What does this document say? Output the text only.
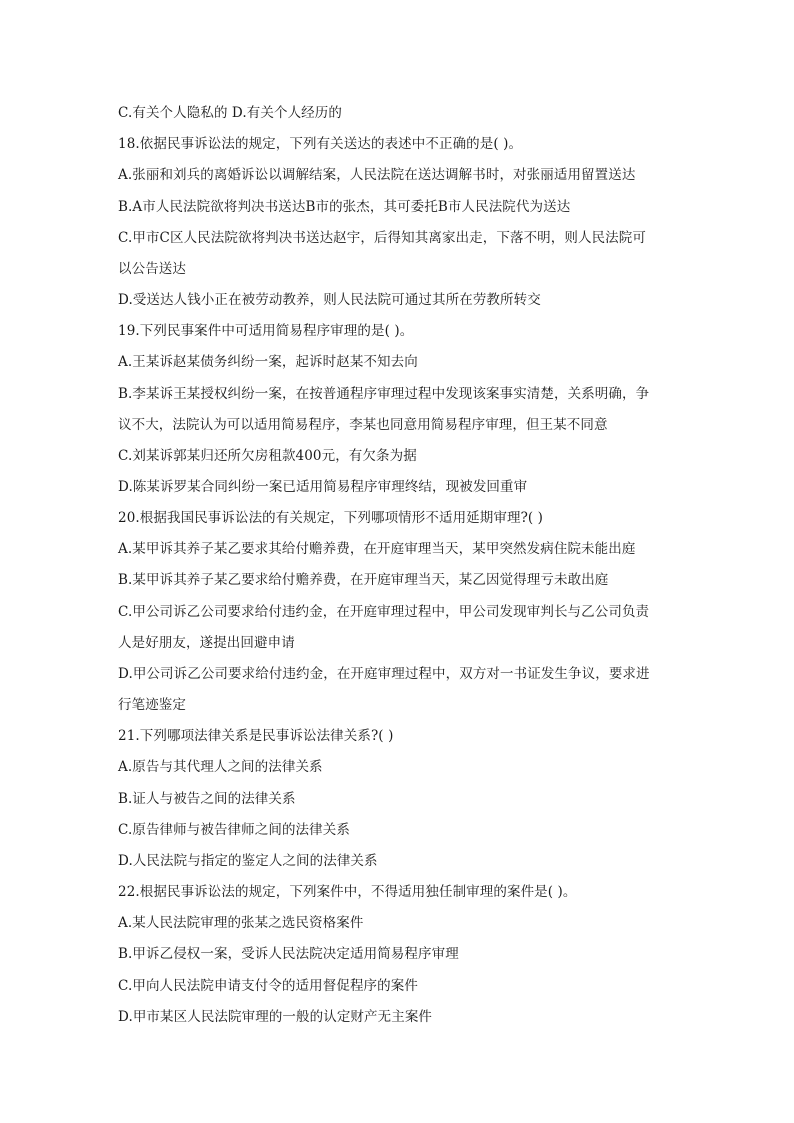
C.有关个人隐私的 D.有关个人经历的
18.依据民事诉讼法的规定，下列有关送达的表述中不正确的是( )。
A.张丽和刘兵的离婚诉讼以调解结案，人民法院在送达调解书时，对张丽适用留置送达
B.A市人民法院欲将判决书送达B市的张杰，其可委托B市人民法院代为送达
C.甲市C区人民法院欲将判决书送达赵宇，后得知其离家出走，下落不明，则人民法院可
以公告送达
D.受送达人钱小正在被劳动教养，则人民法院可通过其所在劳教所转交
19.下列民事案件中可适用简易程序审理的是( )。
A.王某诉赵某债务纠纷一案，起诉时赵某不知去向
B.李某诉王某授权纠纷一案，在按普通程序审理过程中发现该案事实清楚，关系明确，争
议不大，法院认为可以适用简易程序，李某也同意用简易程序审理，但王某不同意
C.刘某诉郭某归还所欠房租款400元，有欠条为据
D.陈某诉罗某合同纠纷一案已适用简易程序审理终结，现被发回重审
20.根据我国民事诉讼法的有关规定，下列哪项情形不适用延期审理?( )
A.某甲诉其养子某乙要求其给付赡养费，在开庭审理当天，某甲突然发病住院未能出庭
B.某甲诉其养子某乙要求给付赡养费，在开庭审理当天，某乙因觉得理亏未敢出庭
C.甲公司诉乙公司要求给付违约金，在开庭审理过程中，甲公司发现审判长与乙公司负责
人是好朋友，遂提出回避申请
D.甲公司诉乙公司要求给付违约金，在开庭审理过程中，双方对一书证发生争议，要求进
行笔迹鉴定
21.下列哪项法律关系是民事诉讼法律关系?( )
A.原告与其代理人之间的法律关系
B.证人与被告之间的法律关系
C.原告律师与被告律师之间的法律关系
D.人民法院与指定的鉴定人之间的法律关系
22.根据民事诉讼法的规定，下列案件中，不得适用独任制审理的案件是( )。
A.某人民法院审理的张某之选民资格案件
B.甲诉乙侵权一案，受诉人民法院决定适用简易程序审理
C.甲向人民法院申请支付令的适用督促程序的案件
D.甲市某区人民法院审理的一般的认定财产无主案件
